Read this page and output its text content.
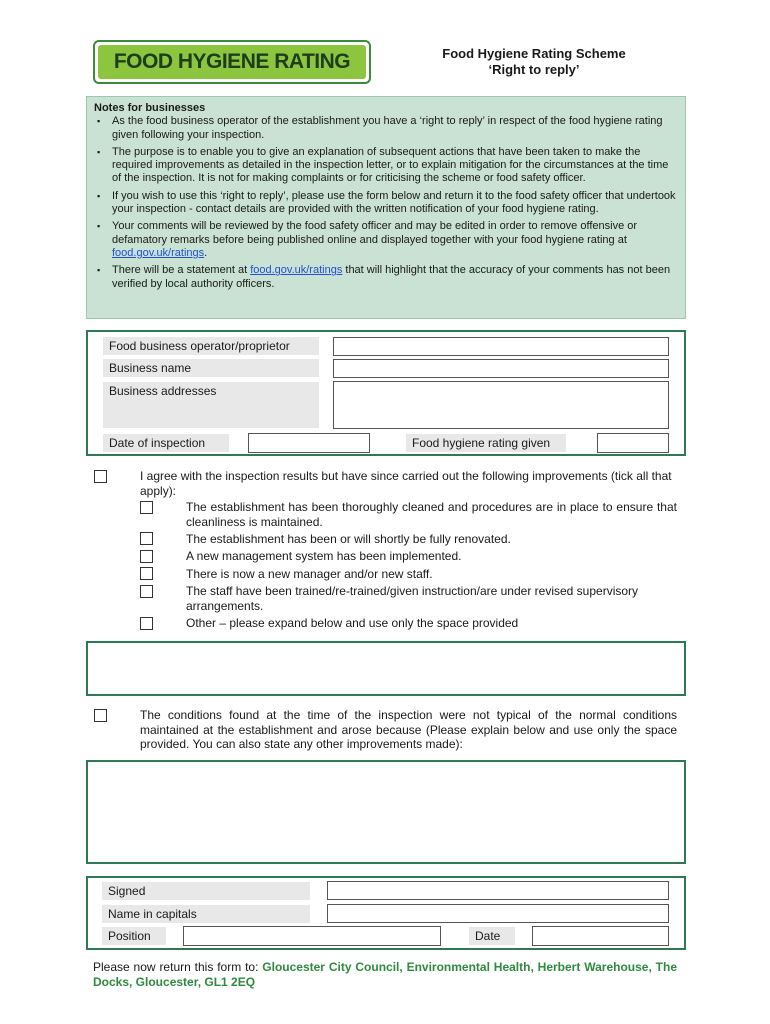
FOOD HYGIENE RATING	Food Hygiene Rating Scheme
‘Right to reply’
Notes for businesses
▪ As the food business operator of the establishment you have a ‘right to reply’ in respect of the food hygiene rating given following your inspection.
▪ The purpose is to enable you to give an explanation of subsequent actions that have been taken to make the required improvements as detailed in the inspection letter, or to explain mitigation for the circumstances at the time of the inspection. It is not for making complaints or for criticising the scheme or food safety officer.
▪ If you wish to use this ‘right to reply’, please use the form below and return it to the food safety officer that undertook your inspection - contact details are provided with the written notification of your food hygiene rating.
▪ Your comments will be reviewed by the food safety officer and may be edited in order to remove offensive or defamatory remarks before being published online and displayed together with your food hygiene rating at food.gov.uk/ratings.
▪ There will be a statement at food.gov.uk/ratings that will highlight that the accuracy of your comments has not been verified by local authority officers.
Food business operator/proprietor
Business name
Business addresses
Date of inspection	Food hygiene rating given
I agree with the inspection results but have since carried out the following improvements (tick all that apply):
The establishment has been thoroughly cleaned and procedures are in place to ensure that cleanliness is maintained.
The establishment has been or will shortly be fully renovated.
A new management system has been implemented.
There is now a new manager and/or new staff.
The staff have been trained/re-trained/given instruction/are under revised supervisory arrangements.
Other – please expand below and use only the space provided
The conditions found at the time of the inspection were not typical of the normal conditions maintained at the establishment and arose because (Please explain below and use only the space provided. You can also state any other improvements made):
Signed
Name in capitals
Position	Date
Please now return this form to: Gloucester City Council, Environmental Health, Herbert Warehouse, The Docks, Gloucester, GL1 2EQ
